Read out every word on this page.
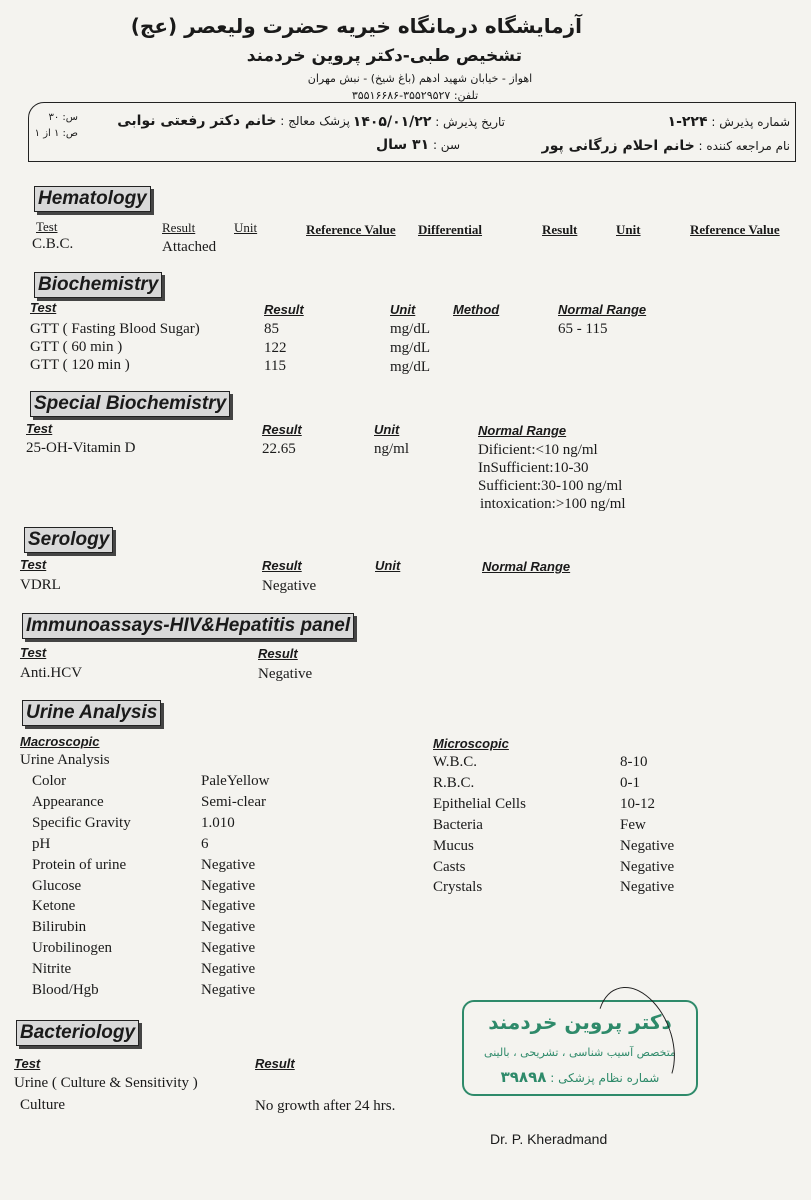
آزمایشگاه درمانگاه خیریه حضرت ولیعصر (عج)
تشخیص طبی-دکتر پروین خردمند
اهواز - خیابان شهید ادهم (باغ شیخ) - نبش مهران
تلفن: ۳۵۵۲۹۵۲۷-۳۵۵۱۶۶۸۶
شماره پذیرش : ۲۲۴-۱
نام مراجعه کننده : خانم احلام زرگانی پور
تاریخ پذیرش : ۱۴۰۵/۰۱/۲۲
پزشک معالج : خانم دکتر رفعتی نوابی
سن : ۳۱ سال
س: ۳۰
ص: ۱ از ۱
Hematology
Test	Result	Unit	Reference Value Differential	Result	Unit	Reference Value
C.B.C.	Attached
Biochemistry
Test	Result	Unit	Method	Normal Range
GTT ( Fasting Blood Sugar)	85	mg/dL	65 - 115
GTT ( 60 min )	122	mg/dL
GTT ( 120 min )	115	mg/dL
Special Biochemistry
Test	Result	Unit	Normal Range
25-OH-Vitamin D	22.65	ng/ml	Dificient:<10 ng/ml
InSufficient:10-30
Sufficient:30-100 ng/ml
intoxication:>100 ng/ml
Serology
Test	Result	Unit	Normal Range
VDRL	Negative
Immunoassays-HIV&Hepatitis panel
Test	Result
Anti.HCV	Negative
Urine Analysis
Macroscopic	Microscopic
Urine Analysis
Color	PaleYellow
Appearance	Semi-clear
Specific Gravity	1.010
pH	6
Protein of urine	Negative
Glucose	Negative
Ketone	Negative
Bilirubin	Negative
Urobilinogen	Negative
Nitrite	Negative
Blood/Hgb	Negative
W.B.C.	8-10
R.B.C.	0-1
Epithelial Cells	10-12
Bacteria	Few
Mucus	Negative
Casts	Negative
Crystals	Negative
Bacteriology
Test	Result
Urine ( Culture & Sensitivity )
Culture	No growth after 24 hrs.
دکتر پروین خردمند
متخصص آسیب شناسی ، تشریحی ، بالینی
شماره نظام پزشکی : ۳۹۸۹۸
Dr. P. Kheradmand
